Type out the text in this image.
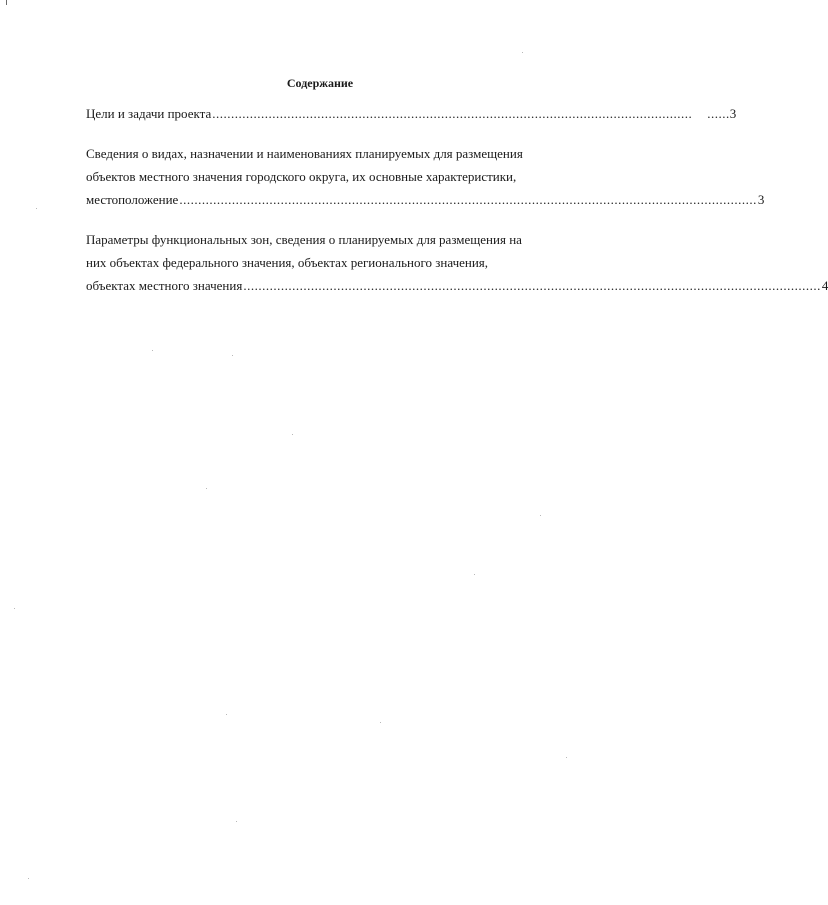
Содержание
Цели и задачи проекта ................................................................................................................................ ...... 3
Сведения о видах, назначении и наименованиях планируемых для размещения
объектов местного значения городского округа, их основные характеристики,
местоположение .......................................................................................................................................................... 3
Параметры функциональных зон, сведения о планируемых для размещения на
них объектах федерального значения, объектах регионального значения,
объектах местного значения .......................................................................................................................................................... 4
